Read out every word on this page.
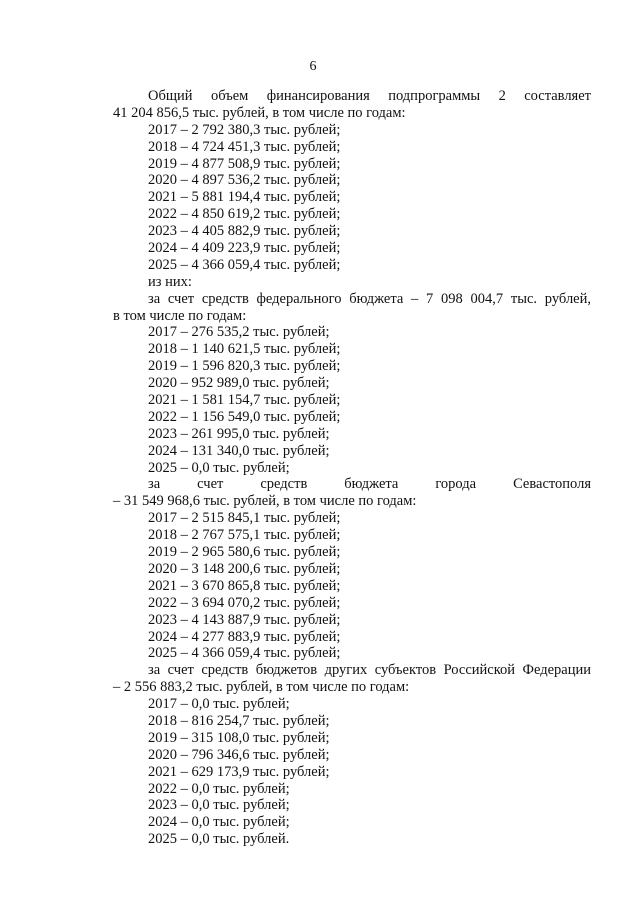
6
Общий объем финансирования подпрограммы 2 составляет
41 204 856,5 тыс. рублей, в том числе по годам:
2017 – 2 792 380,3 тыс. рублей;
2018 – 4 724 451,3 тыс. рублей;
2019 – 4 877 508,9 тыс. рублей;
2020 – 4 897 536,2 тыс. рублей;
2021 – 5 881 194,4 тыс. рублей;
2022 – 4 850 619,2 тыс. рублей;
2023 – 4 405 882,9 тыс. рублей;
2024 – 4 409 223,9 тыс. рублей;
2025 – 4 366 059,4 тыс. рублей;
из них:
за счет средств федерального бюджета – 7 098 004,7 тыс. рублей,
в том числе по годам:
2017 – 276 535,2 тыс. рублей;
2018 – 1 140 621,5 тыс. рублей;
2019 – 1 596 820,3 тыс. рублей;
2020 – 952 989,0 тыс. рублей;
2021 – 1 581 154,7 тыс. рублей;
2022 – 1 156 549,0 тыс. рублей;
2023 – 261 995,0 тыс. рублей;
2024 – 131 340,0 тыс. рублей;
2025 – 0,0 тыс. рублей;
за счет средств бюджета города Севастополя
– 31 549 968,6 тыс. рублей, в том числе по годам:
2017 – 2 515 845,1 тыс. рублей;
2018 – 2 767 575,1 тыс. рублей;
2019 – 2 965 580,6 тыс. рублей;
2020 – 3 148 200,6 тыс. рублей;
2021 – 3 670 865,8 тыс. рублей;
2022 – 3 694 070,2 тыс. рублей;
2023 – 4 143 887,9 тыс. рублей;
2024 – 4 277 883,9 тыс. рублей;
2025 – 4 366 059,4 тыс. рублей;
за счет средств бюджетов других субъектов Российской Федерации
– 2 556 883,2 тыс. рублей, в том числе по годам:
2017 – 0,0 тыс. рублей;
2018 – 816 254,7 тыс. рублей;
2019 – 315 108,0 тыс. рублей;
2020 – 796 346,6 тыс. рублей;
2021 – 629 173,9 тыс. рублей;
2022 – 0,0 тыс. рублей;
2023 – 0,0 тыс. рублей;
2024 – 0,0 тыс. рублей;
2025 – 0,0 тыс. рублей.
